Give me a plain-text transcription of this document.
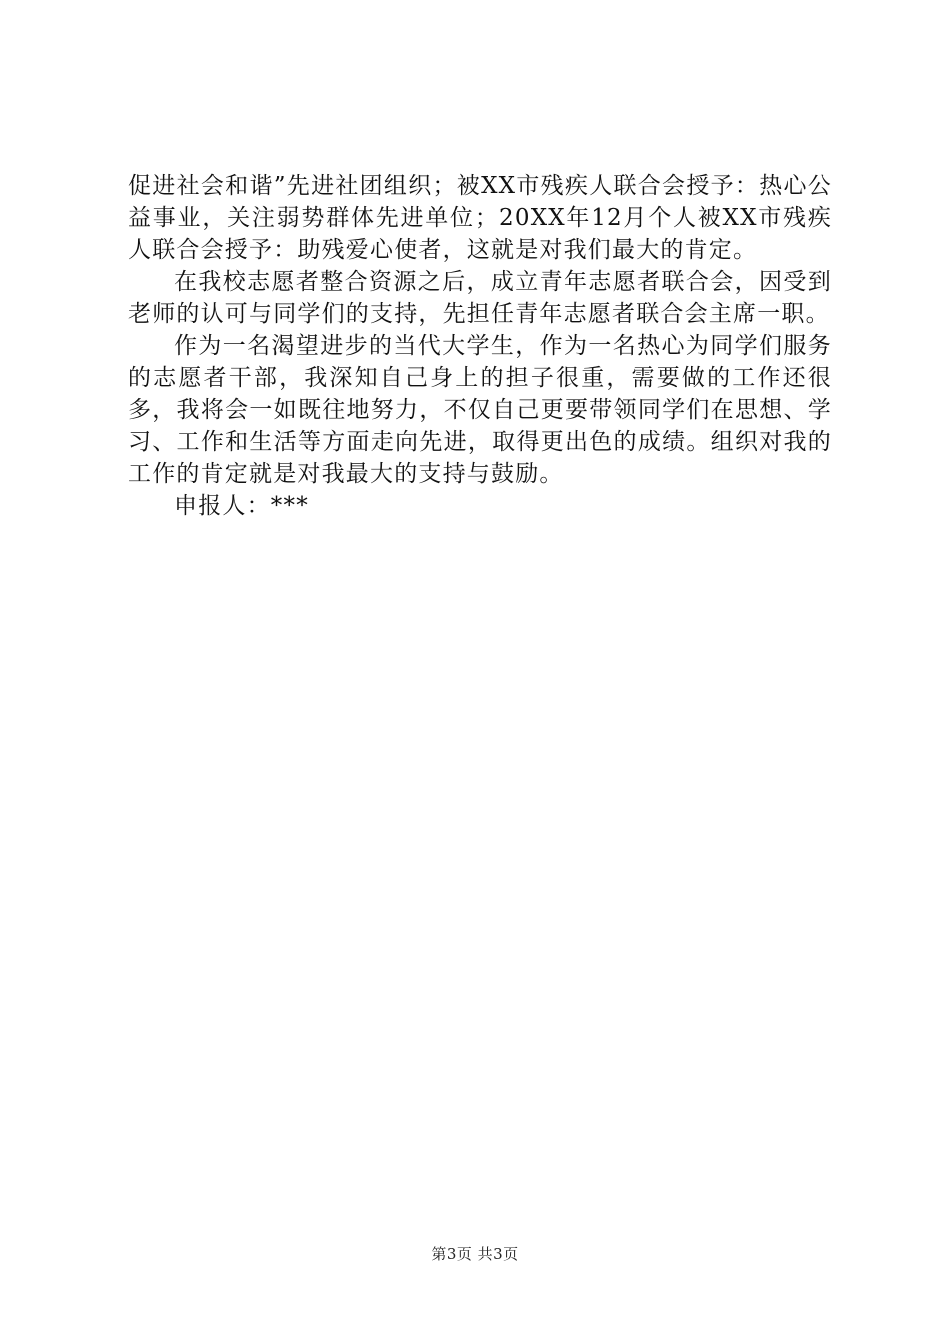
促进社会和谐”先进社团组织；被XX市残疾人联合会授予：热心公益事业，关注弱势群体先进单位；20XX年12月个人被XX市残疾人联合会授予：助残爱心使者，这就是对我们最大的肯定。

在我校志愿者整合资源之后，成立青年志愿者联合会，因受到老师的认可与同学们的支持，先担任青年志愿者联合会主席一职。

作为一名渴望进步的当代大学生，作为一名热心为同学们服务的志愿者干部，我深知自己身上的担子很重，需要做的工作还很多，我将会一如既往地努力，不仅自己更要带领同学们在思想、学习、工作和生活等方面走向先进，取得更出色的成绩。组织对我的工作的肯定就是对我最大的支持与鼓励。

申报人：***

第3页 共3页
